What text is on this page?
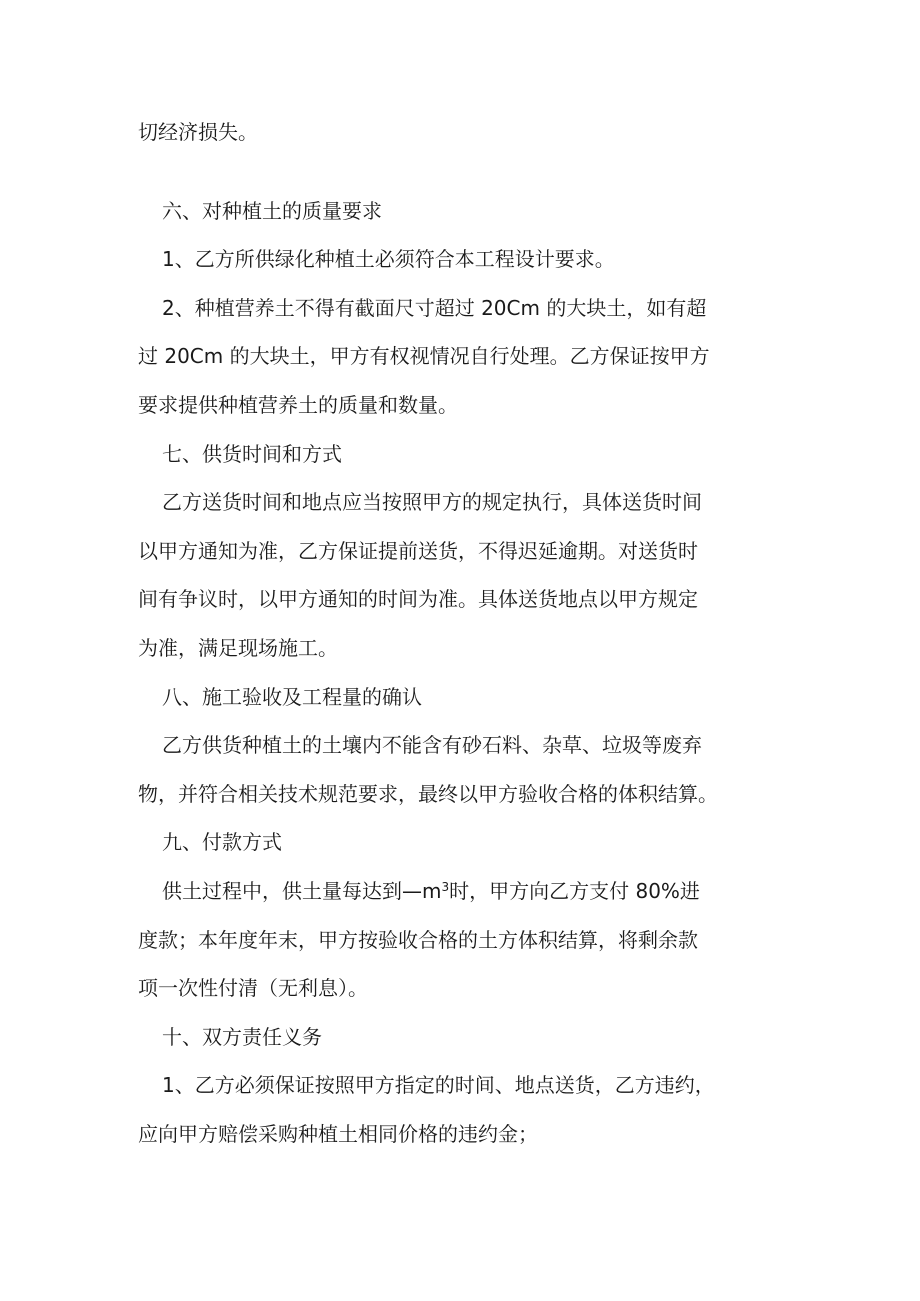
切经济损失。

六、对种植土的质量要求

1、乙方所供绿化种植土必须符合本工程设计要求。

2、种植营养土不得有截面尺寸超过 20Cm 的大块土，如有超

过 20Cm 的大块土，甲方有权视情况自行处理。乙方保证按甲方

要求提供种植营养土的质量和数量。

七、供货时间和方式

乙方送货时间和地点应当按照甲方的规定执行，具体送货时间

以甲方通知为准，乙方保证提前送货，不得迟延逾期。对送货时

间有争议时，以甲方通知的时间为准。具体送货地点以甲方规定

为准，满足现场施工。

八、施工验收及工程量的确认

乙方供货种植土的土壤内不能含有砂石料、杂草、垃圾等废弃

物，并符合相关技术规范要求，最终以甲方验收合格的体积结算。

九、付款方式

供土过程中，供土量每达到$—m^3$时，甲方向乙方支付 80%进

度款；本年度年末，甲方按验收合格的土方体积结算，将剩余款

项一次性付清（无利息）。

十、双方责任义务

1、乙方必须保证按照甲方指定的时间、地点送货，乙方违约，

应向甲方赔偿采购种植土相同价格的违约金；
